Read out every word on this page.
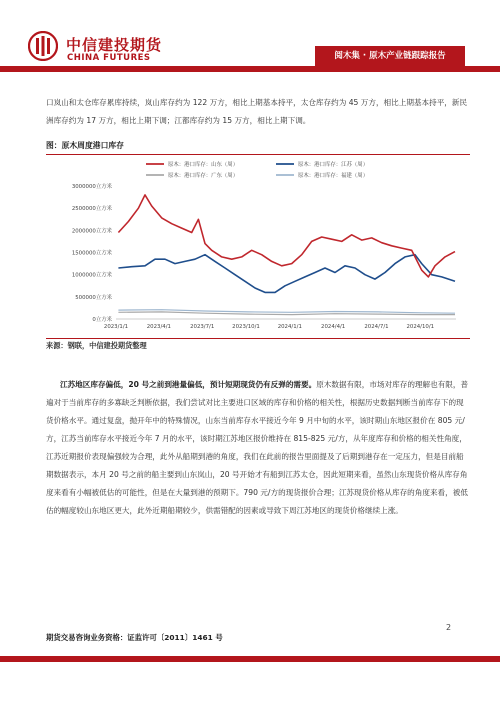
中信建投期货
CHINA FUTURES	阅木集 · 原木产业链跟踪报告
口岚山和太仓库存累库持续，岚山库存约为 122 万方，相比上期基本持平，太仓库存约为 45 万方，相比上期基本持平，新民洲库存约为 17 万方，相比上期下调；江都库存约为 15 万方，相比上期下调。
图：原木周度港口库存
0立方米
500000立方米
1000000立方米
1500000立方米
2000000立方米
2500000立方米
3000000立方米
2023/1/1	2023/4/1	2023/7/1	2023/10/1	2024/1/1	2024/4/1	2024/7/1	2024/10/1
原木：港口库存：山东（周）	原木：港口库存：江苏（周）
原木：港口库存：广东（周）	原木：港口库存：福建（周）
来源：钢联，中信建投期货整理
江苏地区库存偏低，20 号之前到港量偏低，预计短期现货仍有反弹的需要。原木数据有限，市场对库存的理解也有限，普遍对于当前库存的多寡缺乏判断依据，我们尝试对比主要进口区域的库存和价格的相关性，根据历史数据判断当前库存下的现货价格水平。通过复盘，抛开年中的特殊情况，山东当前库存水平接近今年 9 月中旬的水平，该时期山东地区报价在 805 元/方，江苏当前库存水平接近今年 7 月的水平，该时期江苏地区报价维持在 815-825 元/方，从年度库存和价格的相关性角度，江苏近期报价表现偏强较为合理，此外从船期到港的角度，我们在此前的报告里面提及了后期到港存在一定压力，但是目前船期数据表示，本月 20 号之前的船主要到山东岚山，20 号开始才有船到江苏太仓，因此短期来看，虽然山东现货价格从库存角度来看有小幅被低估的可能性，但是在大量到港的预期下。790 元/方的现货报价合理；江苏现货价格从库存的角度来看，被低估的幅度较山东地区更大，此外近期船期较少，供需错配的因素或导致下周江苏地区的现货价格继续上涨。
2
期货交易咨询业务资格：证监许可〔2011〕1461 号
